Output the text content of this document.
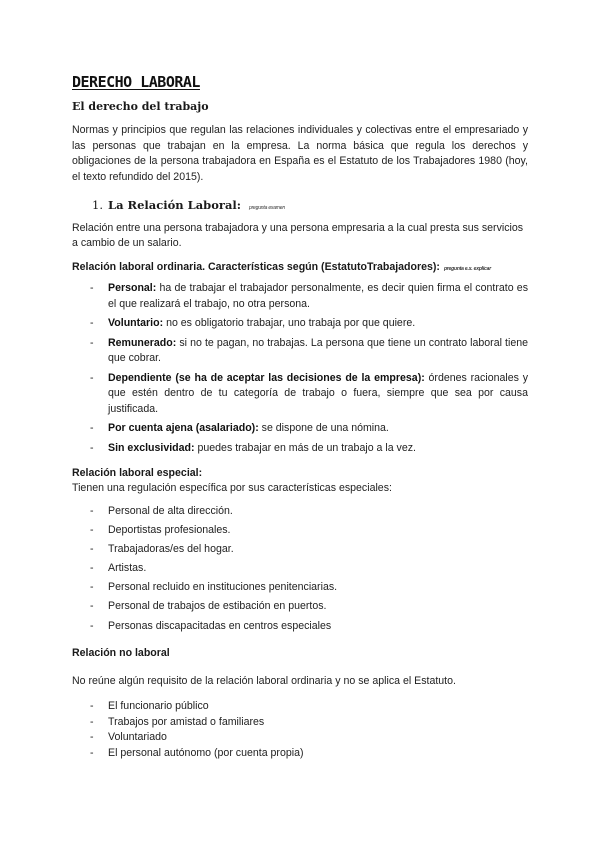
DERECHO LABORAL
El derecho del trabajo

Normas y principios que regulan las relaciones individuales y colectivas entre el empresariado y las personas que trabajan en la empresa. La norma básica que regula los derechos y obligaciones de la persona trabajadora en España es el Estatuto de los Trabajadores 1980 (hoy, el texto refundido del 2015).

1. La Relación Laboral: pregunta examen

Relación entre una persona trabajadora y una persona empresaria a la cual presta sus servicios a cambio de un salario.

Relación laboral ordinaria. Características según (EstatutoTrabajadores): pregunta e.x. explicar
- Personal: ha de trabajar el trabajador personalmente, es decir quien firma el contrato es el que realizará el trabajo, no otra persona.
- Voluntario: no es obligatorio trabajar, uno trabaja por que quiere.
- Remunerado: si no te pagan, no trabajas. La persona que tiene un contrato laboral tiene que cobrar.
- Dependiente (se ha de aceptar las decisiones de la empresa): órdenes racionales y que estén dentro de tu categoría de trabajo o fuera, siempre que sea por causa justificada.
- Por cuenta ajena (asalariado): se dispone de una nómina.
- Sin exclusividad: puedes trabajar en más de un trabajo a la vez.
Relación laboral especial:

Tienen una regulación específica por sus características especiales:

- Personal de alta dirección.
- Deportistas profesionales.
- Trabajadoras/es del hogar.
- Artistas.
- Personal recluido en instituciones penitenciarias.
- Personal de trabajos de estibación en puertos.
- Personas discapacitadas en centros especiales
Relación no laboral

No reúne algún requisito de la relación laboral ordinaria y no se aplica el Estatuto.

- El funcionario público
- Trabajos por amistad o familiares
- Voluntariado
- El personal autónomo (por cuenta propia)
